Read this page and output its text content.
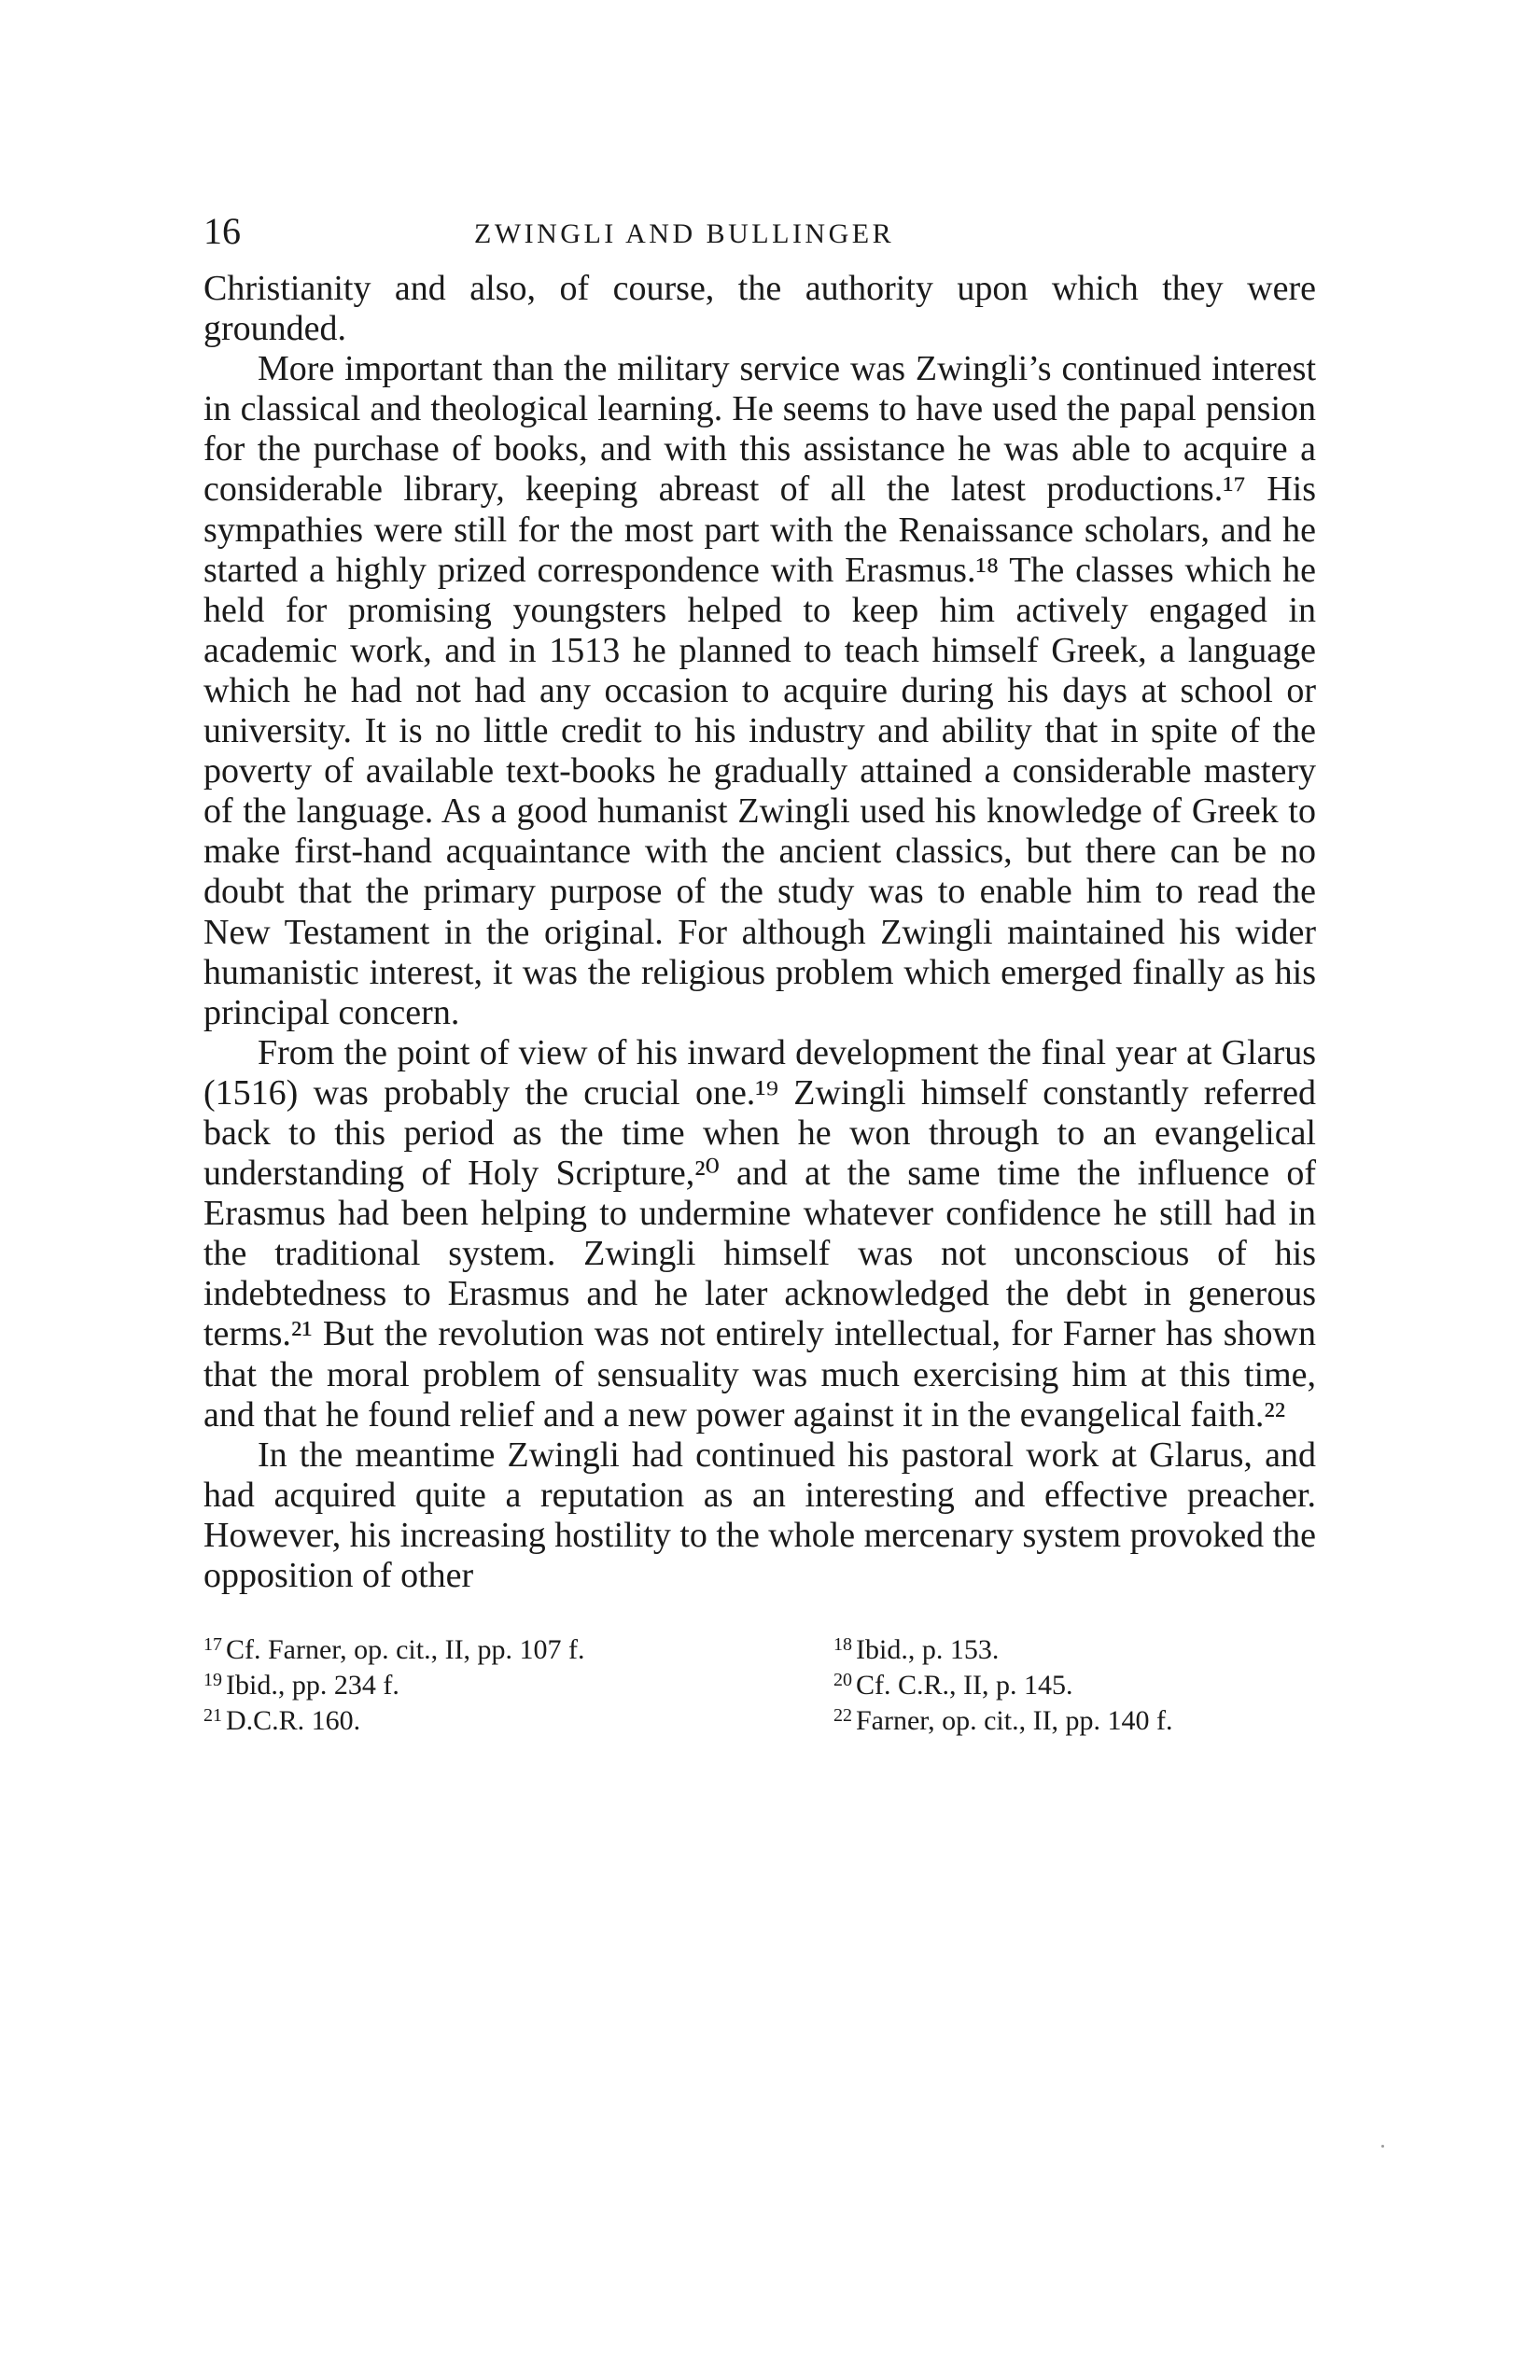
16	ZWINGLI AND BULLINGER

Christianity and also, of course, the authority upon which they were grounded.

More important than the military service was Zwingli’s continued interest in classical and theological learning. He seems to have used the papal pension for the purchase of books, and with this assistance he was able to acquire a considerable library, keeping abreast of all the latest productions.¹⁷ His sympathies were still for the most part with the Renaissance scholars, and he started a highly prized correspondence with Erasmus.¹⁸ The classes which he held for promising youngsters helped to keep him actively engaged in academic work, and in 1513 he planned to teach himself Greek, a language which he had not had any occasion to acquire during his days at school or university. It is no little credit to his industry and ability that in spite of the poverty of available text-books he gradually attained a considerable mastery of the language. As a good humanist Zwingli used his knowledge of Greek to make first-hand acquaintance with the ancient classics, but there can be no doubt that the primary purpose of the study was to enable him to read the New Testament in the original. For although Zwingli maintained his wider humanistic interest, it was the religious problem which emerged finally as his principal concern.

From the point of view of his inward development the final year at Glarus (1516) was probably the crucial one.¹⁹ Zwingli himself constantly referred back to this period as the time when he won through to an evangelical understanding of Holy Scripture,²⁰ and at the same time the influence of Erasmus had been helping to undermine whatever confidence he still had in the traditional system. Zwingli himself was not unconscious of his indebtedness to Erasmus and he later acknowledged the debt in generous terms.²¹ But the revolution was not entirely intellectual, for Farner has shown that the moral problem of sensuality was much exercising him at this time, and that he found relief and a new power against it in the evangelical faith.²²

In the meantime Zwingli had continued his pastoral work at Glarus, and had acquired quite a reputation as an interesting and effective preacher. However, his increasing hostility to the whole mercenary system provoked the opposition of other

$^{17}$ Cf. Farner, op. cit., II, pp. 107 f.	$^{18}$ Ibid., p. 153.
$^{19}$ Ibid., pp. 234 f.	$^{20}$ Cf. C.R., II, p. 145.
$^{21}$ D.C.R. 160.	$^{22}$ Farner, op. cit., II, pp. 140 f.
